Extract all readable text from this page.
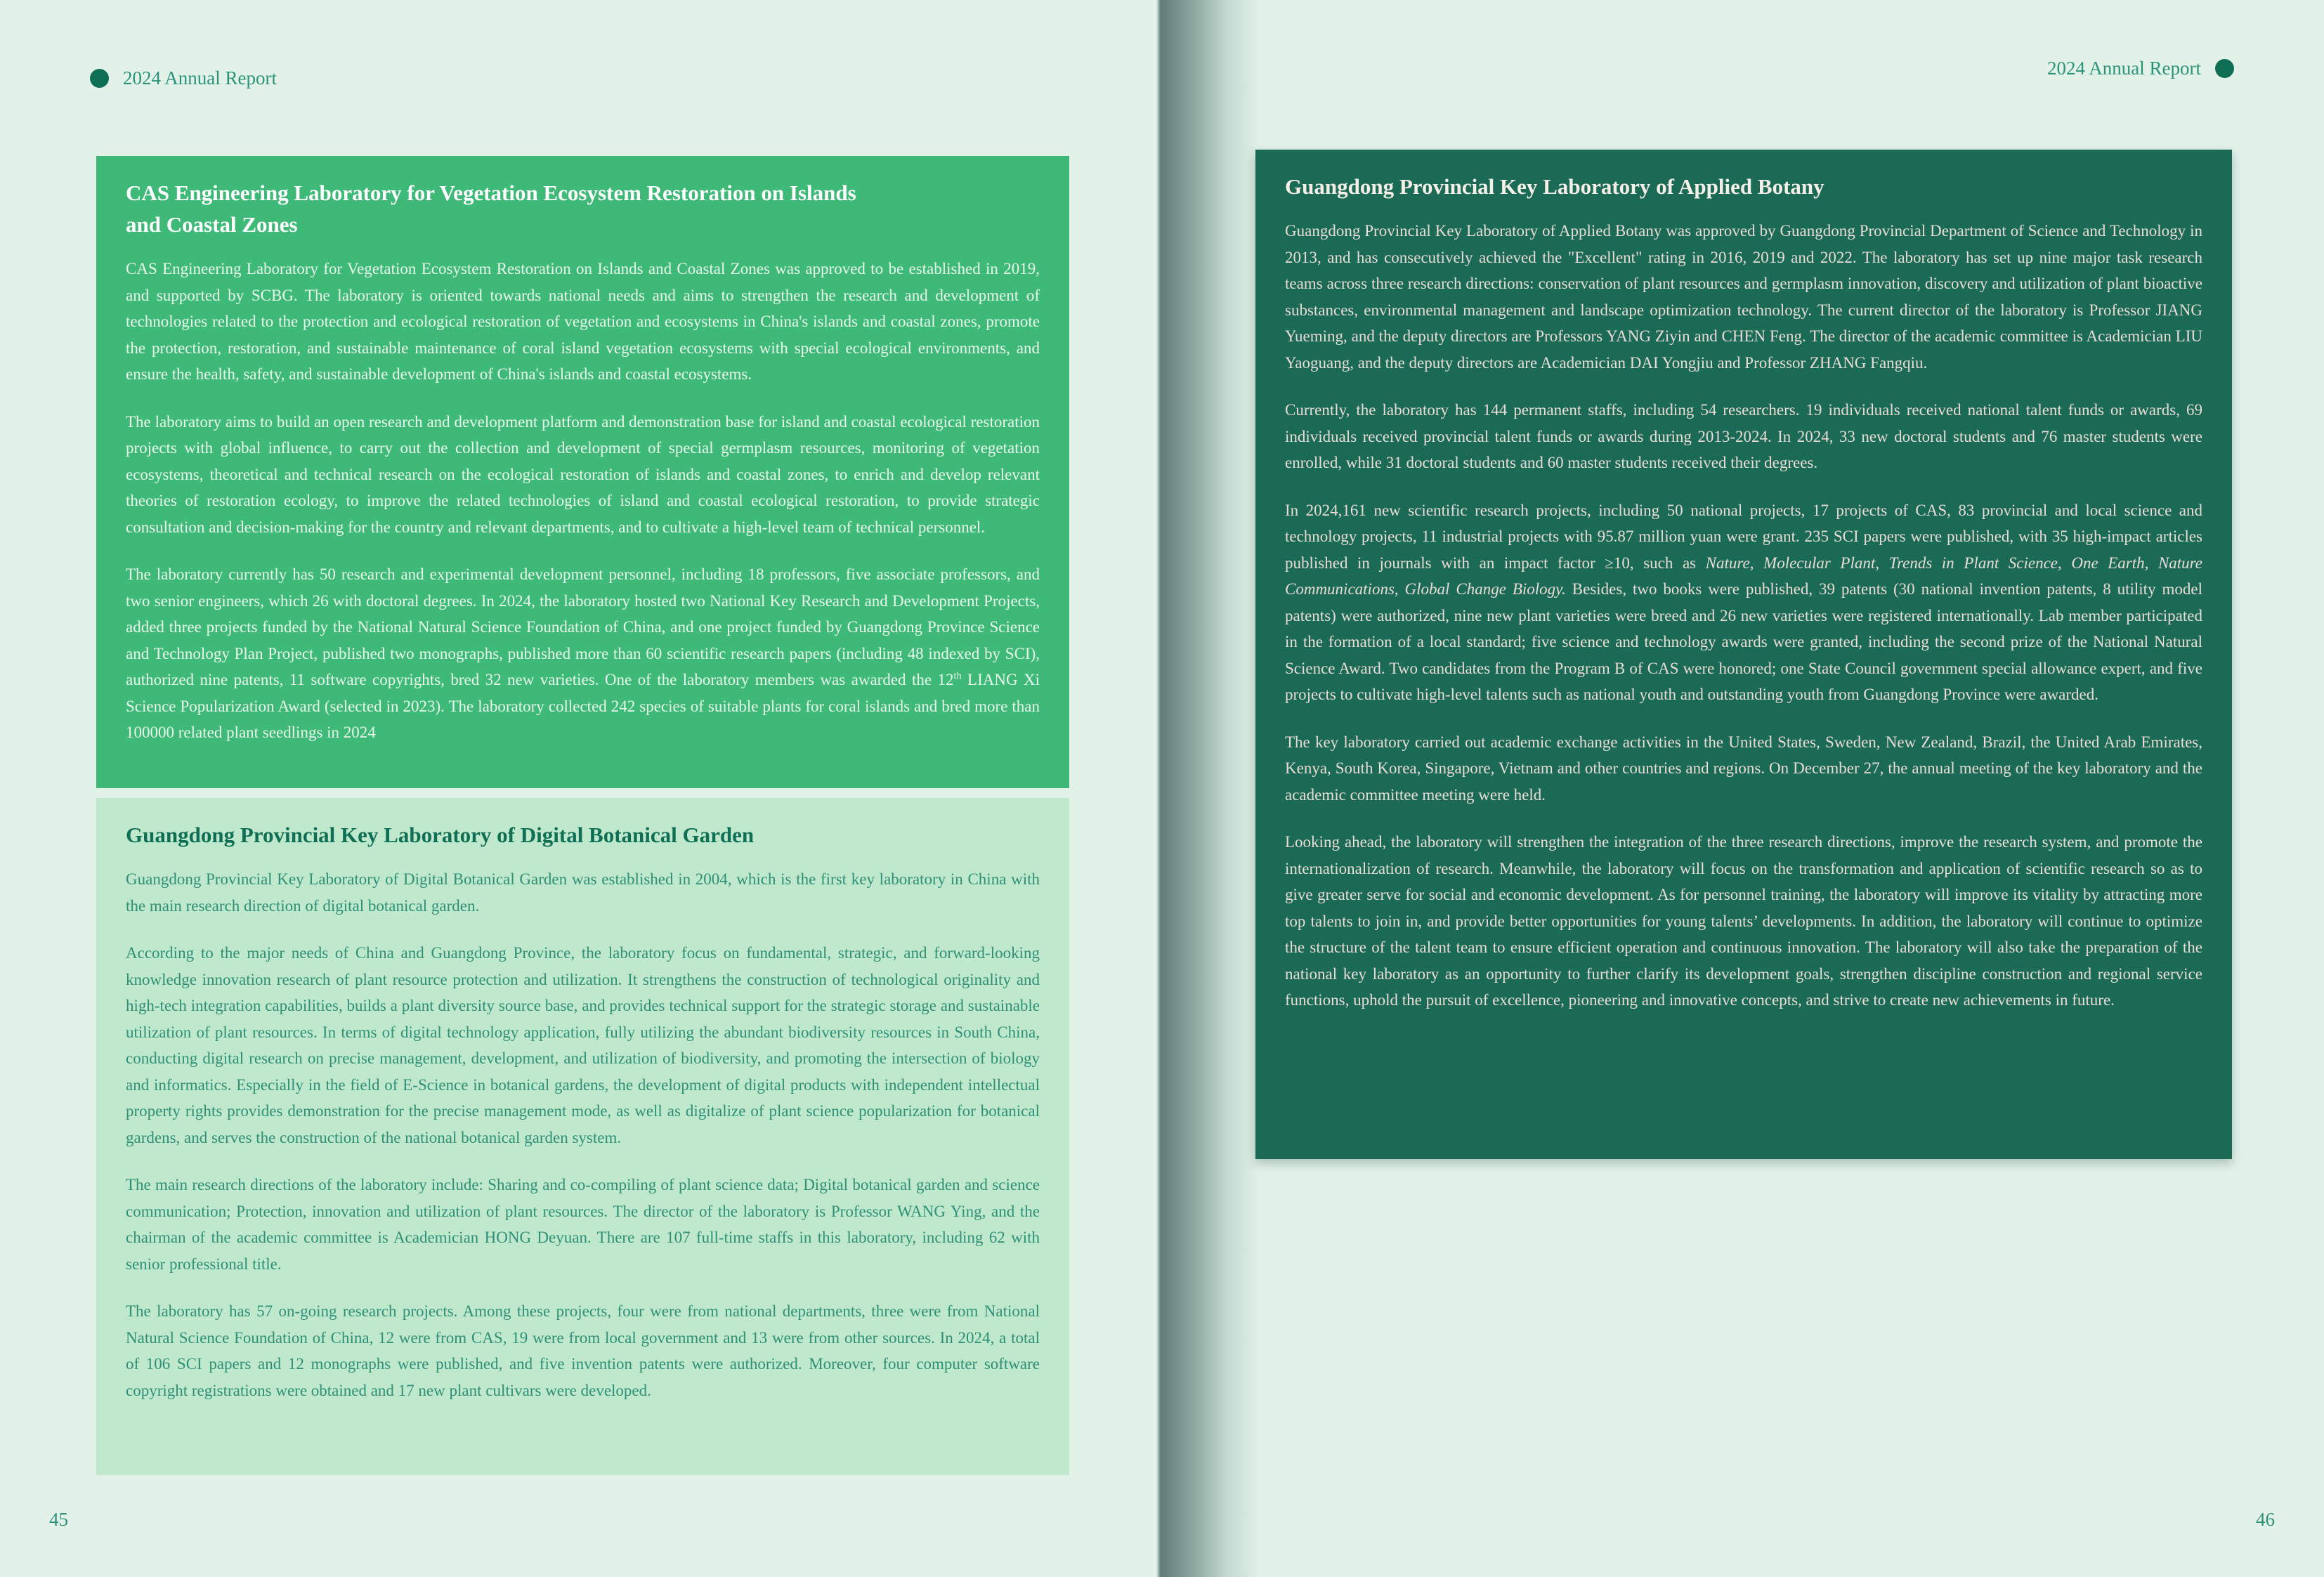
2024 Annual Report	2024 Annual Report
CAS Engineering Laboratory for Vegetation Ecosystem Restoration on Islands
and Coastal Zones

CAS Engineering Laboratory for Vegetation Ecosystem Restoration on Islands and Coastal Zones was approved to be established in 2019, and supported by SCBG. The laboratory is oriented towards national needs and aims to strengthen the research and development of technologies related to the protection and ecological restoration of vegetation and ecosystems in China's islands and coastal zones, promote the protection, restoration, and sustainable maintenance of coral island vegetation ecosystems with special ecological environments, and ensure the health, safety, and sustainable development of China's islands and coastal ecosystems.

The laboratory aims to build an open research and development platform and demonstration base for island and coastal ecological restoration projects with global influence, to carry out the collection and development of special germplasm resources, monitoring of vegetation ecosystems, theoretical and technical research on the ecological restoration of islands and coastal zones, to enrich and develop relevant theories of restoration ecology, to improve the related technologies of island and coastal ecological restoration, to provide strategic consultation and decision-making for the country and relevant departments, and to cultivate a high-level team of technical personnel.

The laboratory currently has 50 research and experimental development personnel, including 18 professors, five associate professors, and two senior engineers, which 26 with doctoral degrees. In 2024, the laboratory hosted two National Key Research and Development Projects, added three projects funded by the National Natural Science Foundation of China, and one project funded by Guangdong Province Science and Technology Plan Project, published two monographs, published more than 60 scientific research papers (including 48 indexed by SCI), authorized nine patents, 11 software copyrights, bred 32 new varieties. One of the laboratory members was awarded the 12th LIANG Xi Science Popularization Award (selected in 2023). The laboratory collected 242 species of suitable plants for coral islands and bred more than 100000 related plant seedlings in 2024

Guangdong Provincial Key Laboratory of Digital Botanical Garden

Guangdong Provincial Key Laboratory of Digital Botanical Garden was established in 2004, which is the first key laboratory in China with the main research direction of digital botanical garden.

According to the major needs of China and Guangdong Province, the laboratory focus on fundamental, strategic, and forward-looking knowledge innovation research of plant resource protection and utilization. It strengthens the construction of technological originality and high-tech integration capabilities, builds a plant diversity source base, and provides technical support for the strategic storage and sustainable utilization of plant resources. In terms of digital technology application, fully utilizing the abundant biodiversity resources in South China, conducting digital research on precise management, development, and utilization of biodiversity, and promoting the intersection of biology and informatics. Especially in the field of E-Science in botanical gardens, the development of digital products with independent intellectual property rights provides demonstration for the precise management mode, as well as digitalize of plant science popularization for botanical gardens, and serves the construction of the national botanical garden system.

The main research directions of the laboratory include: Sharing and co-compiling of plant science data; Digital botanical garden and science communication; Protection, innovation and utilization of plant resources. The director of the laboratory is Professor WANG Ying, and the chairman of the academic committee is Academician HONG Deyuan. There are 107 full-time staffs in this laboratory, including 62 with senior professional title.

The laboratory has 57 on-going research projects. Among these projects, four were from national departments, three were from National Natural Science Foundation of China, 12 were from CAS, 19 were from local government and 13 were from other sources. In 2024, a total of 106 SCI papers and 12 monographs were published, and five invention patents were authorized. Moreover, four computer software copyright registrations were obtained and 17 new plant cultivars were developed.

Guangdong Provincial Key Laboratory of Applied Botany

Guangdong Provincial Key Laboratory of Applied Botany was approved by Guangdong Provincial Department of Science and Technology in 2013, and has consecutively achieved the "Excellent" rating in 2016, 2019 and 2022. The laboratory has set up nine major task research teams across three research directions: conservation of plant resources and germplasm innovation, discovery and utilization of plant bioactive substances, environmental management and landscape optimization technology. The current director of the laboratory is Professor JIANG Yueming, and the deputy directors are Professors YANG Ziyin and CHEN Feng. The director of the academic committee is Academician LIU Yaoguang, and the deputy directors are Academician DAI Yongjiu and Professor ZHANG Fangqiu.

Currently, the laboratory has 144 permanent staffs, including 54 researchers. 19 individuals received national talent funds or awards, 69 individuals received provincial talent funds or awards during 2013-2024. In 2024, 33 new doctoral students and 76 master students were enrolled, while 31 doctoral students and 60 master students received their degrees.

In 2024,161 new scientific research projects, including 50 national projects, 17 projects of CAS, 83 provincial and local science and technology projects, 11 industrial projects with 95.87 million yuan were grant. 235 SCI papers were published, with 35 high-impact articles published in journals with an impact factor ≥10, such as Nature, Molecular Plant, Trends in Plant Science, One Earth, Nature Communications, Global Change Biology. Besides, two books were published, 39 patents (30 national invention patents, 8 utility model patents) were authorized, nine new plant varieties were breed and 26 new varieties were registered internationally. Lab member participated in the formation of a local standard; five science and technology awards were granted, including the second prize of the National Natural Science Award. Two candidates from the Program B of CAS were honored; one State Council government special allowance expert, and five projects to cultivate high-level talents such as national youth and outstanding youth from Guangdong Province were awarded.

The key laboratory carried out academic exchange activities in the United States, Sweden, New Zealand, Brazil, the United Arab Emirates, Kenya, South Korea, Singapore, Vietnam and other countries and regions. On December 27, the annual meeting of the key laboratory and the academic committee meeting were held.

Looking ahead, the laboratory will strengthen the integration of the three research directions, improve the research system, and promote the internationalization of research. Meanwhile, the laboratory will focus on the transformation and application of scientific research so as to give greater serve for social and economic development. As for personnel training, the laboratory will improve its vitality by attracting more top talents to join in, and provide better opportunities for young talents’ developments. In addition, the laboratory will continue to optimize the structure of the talent team to ensure efficient operation and continuous innovation. The laboratory will also take the preparation of the national key laboratory as an opportunity to further clarify its development goals, strengthen discipline construction and regional service functions, uphold the pursuit of excellence, pioneering and innovative concepts, and strive to create new achievements in future.

45	46
